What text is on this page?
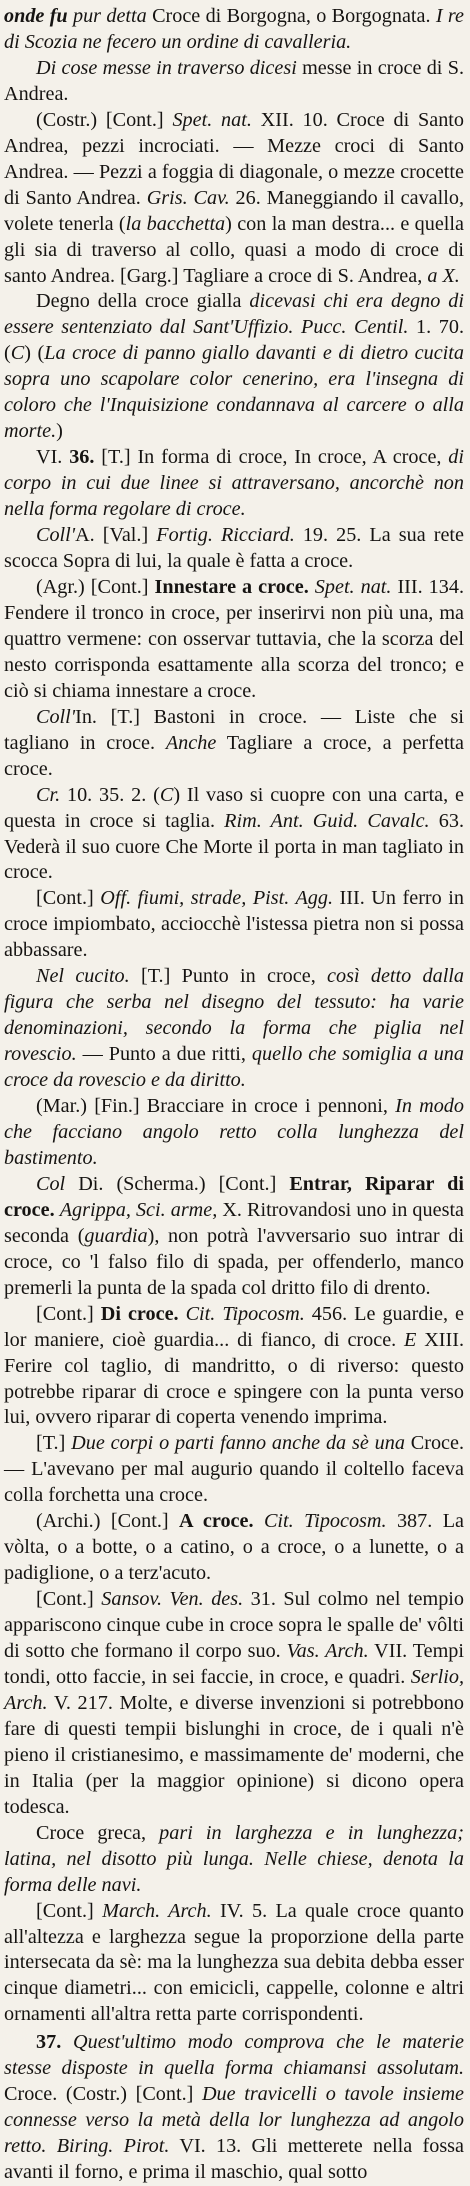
onde fu pur detta Croce di Borgogna, o Borgognata. I re di Scozia ne fecero un ordine di cavalleria.

Di cose messe in traverso dicesi messe in croce di S. Andrea.

(Costr.) [Cont.] Spet. nat. XII. 10. Croce di Santo Andrea, pezzi incrociati. — Mezze croci di Santo Andrea. — Pezzi a foggia di diagonale, o mezze crocette di Santo Andrea. Gris. Cav. 26. Maneggiando il cavallo, volete tenerla (la bacchetta) con la man destra... e quella gli sia di traverso al collo, quasi a modo di croce di santo Andrea. [Garg.] Tagliare a croce di S. Andrea, a X.

Degno della croce gialla dicevasi chi era degno di essere sentenziato dal Sant'Uffizio. Pucc. Centil. 1. 70. (C) (La croce di panno giallo davanti e di dietro cucita sopra uno scapolare color cenerino, era l'insegna di coloro che l'Inquisizione condannava al carcere o alla morte.)

VI. 36. [T.] In forma di croce, In croce, A croce, di corpo in cui due linee si attraversano, ancorchè non nella forma regolare di croce.

Coll'A. [Val.] Fortig. Ricciard. 19. 25. La sua rete scocca Sopra di lui, la quale è fatta a croce.

(Agr.) [Cont.] Innestare a croce. Spet. nat. III. 134. Fendere il tronco in croce, per inserirvi non più una, ma quattro vermene: con osservar tuttavia, che la scorza del nesto corrisponda esattamente alla scorza del tronco; e ciò si chiama innestare a croce.

Coll'In. [T.] Bastoni in croce. — Liste che si tagliano in croce. Anche Tagliare a croce, a perfetta croce.

Cr. 10. 35. 2. (C) Il vaso si cuopre con una carta, e questa in croce si taglia. Rim. Ant. Guid. Cavalc. 63. Vederà il suo cuore Che Morte il porta in man tagliato in croce.

[Cont.] Off. fiumi, strade, Pist. Agg. III. Un ferro in croce impiombato, acciocchè l'istessa pietra non si possa abbassare.

Nel cucito. [T.] Punto in croce, così detto dalla figura che serba nel disegno del tessuto: ha varie denominazioni, secondo la forma che piglia nel rovescio. — Punto a due ritti, quello che somiglia a una croce da rovescio e da diritto.

(Mar.) [Fin.] Bracciare in croce i pennoni, In modo che facciano angolo retto colla lunghezza del bastimento.

Col Di. (Scherma.) [Cont.] Entrar, Riparar di croce. Agrippa, Sci. arme, X. Ritrovandosi uno in questa seconda (guardia), non potrà l'avversario suo intrar di croce, co 'l falso filo di spada, per offenderlo, manco premerli la punta de la spada col dritto filo di drento.

[Cont.] Di croce. Cit. Tipocosm. 456. Le guardie, e lor maniere, cioè guardia... di fianco, di croce. E XIII. Ferire col taglio, di mandritto, o di riverso: questo potrebbe riparar di croce e spingere con la punta verso lui, ovvero riparar di coperta venendo imprima.

[T.] Due corpi o parti fanno anche da sè una Croce. — L'avevano per mal augurio quando il coltello faceva colla forchetta una croce.

(Archi.) [Cont.] A croce. Cit. Tipocosm. 387. La vòlta, o a botte, o a catino, o a croce, o a lunette, o a padiglione, o a terz'acuto.

[Cont.] Sansov. Ven. des. 31. Sul colmo nel tempio appariscono cinque cube in croce sopra le spalle de' vôlti di sotto che formano il corpo suo. Vas. Arch. VII. Tempi tondi, otto faccie, in sei faccie, in croce, e quadri. Serlio, Arch. V. 217. Molte, e diverse invenzioni si potrebbono fare di questi tempii bislunghi in croce, de i quali n'è pieno il cristianesimo, e massimamente de' moderni, che in Italia (per la maggior opinione) si dicono opera todesca.

Croce greca, pari in larghezza e in lunghezza; latina, nel disotto più lunga. Nelle chiese, denota la forma delle navi.

[Cont.] March. Arch. IV. 5. La quale croce quanto all'altezza e larghezza segue la proporzione della parte intersecata da sè: ma la lunghezza sua debita debba esser cinque diametri... con emicicli, cappelle, colonne e altri ornamenti all'altra retta parte corrispondenti.

37. Quest'ultimo modo comprova che le materie stesse disposte in quella forma chiamansi assolutam. Croce. (Costr.) [Cont.] Due travicelli o tavole insieme connesse verso la metà della lor lunghezza ad angolo retto. Biring. Pirot. VI. 13. Gli metterete nella fossa avanti il forno, e prima il maschio, qual sotto
